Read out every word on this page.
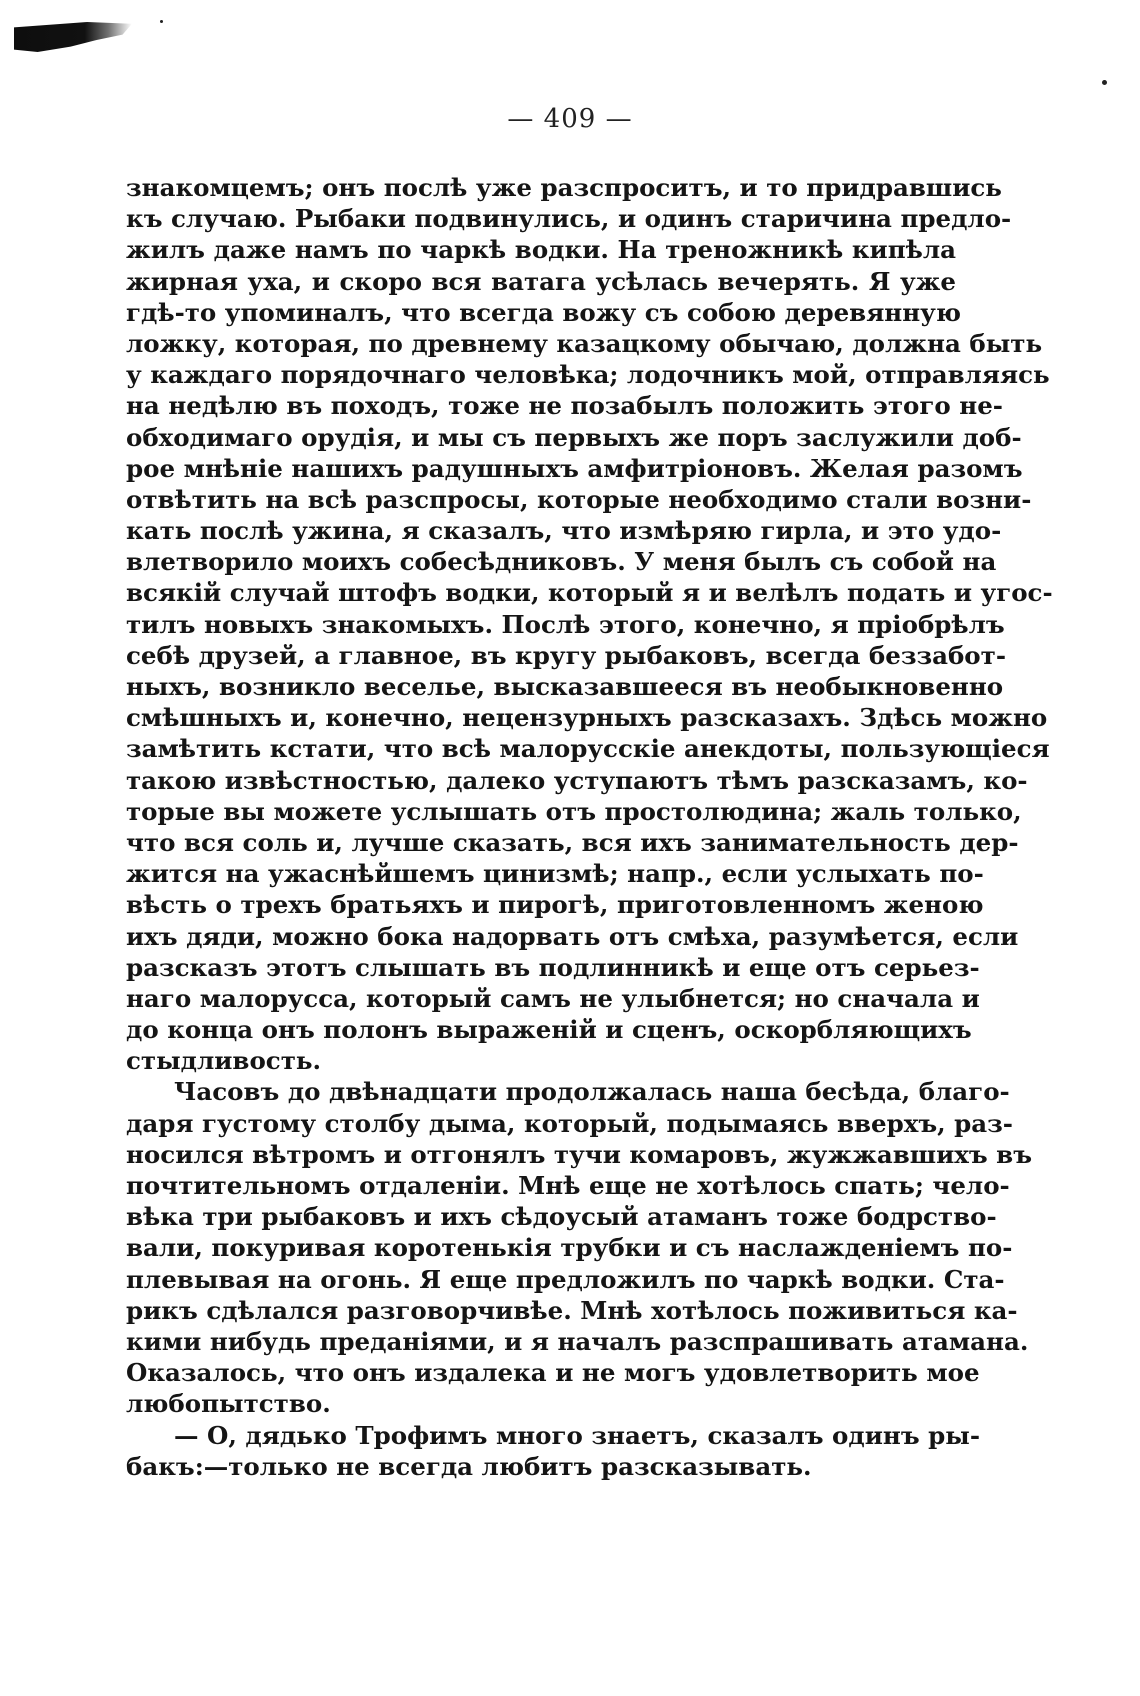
— 409 —
знакомцемъ; онъ послѣ уже разспроситъ, и то придравшись
къ случаю. Рыбаки подвинулись, и одинъ старичина предло-
жилъ даже намъ по чаркѣ водки. На треножникѣ кипѣла
жирная уха, и скоро вся ватага усѣлась вечерять. Я уже
гдѣ-то упоминалъ, что всегда вожу съ собою деревянную
ложку, которая, по древнему казацкому обычаю, должна быть
у каждаго порядочнаго человѣка; лодочникъ мой, отправляясь
на недѣлю въ походъ, тоже не позабылъ положить этого не-
обходимаго орудія, и мы съ первыхъ же поръ заслужили доб-
рое мнѣніе нашихъ радушныхъ амфитріоновъ. Желая разомъ
отвѣтить на всѣ разспросы, которые необходимо стали возни-
кать послѣ ужина, я сказалъ, что измѣряю гирла, и это удо-
влетворило моихъ собесѣдниковъ. У меня былъ съ собой на
всякій случай штофъ водки, который я и велѣлъ подать и угос-
тилъ новыхъ знакомыхъ. Послѣ этого, конечно, я пріобрѣлъ
себѣ друзей, а главное, въ кругу рыбаковъ, всегда беззабот-
ныхъ, возникло веселье, высказавшееся въ необыкновенно
смѣшныхъ и, конечно, нецензурныхъ разсказахъ. Здѣсь можно
замѣтить кстати, что всѣ малорусскіе анекдоты, пользующіеся
такою извѣстностью, далеко уступаютъ тѣмъ разсказамъ, ко-
торые вы можете услышать отъ простолюдина; жаль только,
что вся соль и, лучше сказать, вся ихъ занимательность дер-
жится на ужаснѣйшемъ цинизмѣ; напр., если услыхать по-
вѣсть о трехъ братьяхъ и пирогѣ, приготовленномъ женою
ихъ дяди, можно бока надорвать отъ смѣха, разумѣется, если
разсказъ этотъ слышать въ подлинникѣ и еще отъ серьез-
наго малорусса, который самъ не улыбнется; но сначала и
до конца онъ полонъ выраженій и сценъ, оскорбляющихъ
стыдливость.
Часовъ до двѣнадцати продолжалась наша бесѣда, благо-
даря густому столбу дыма, который, подымаясь вверхъ, раз-
носился вѣтромъ и отгонялъ тучи комаровъ, жужжавшихъ въ
почтительномъ отдаленіи. Мнѣ еще не хотѣлось спать; чело-
вѣка три рыбаковъ и ихъ сѣдоусый атаманъ тоже бодрство-
вали, покуривая коротенькія трубки и съ наслажденіемъ по-
плевывая на огонь. Я еще предложилъ по чаркѣ водки. Ста-
рикъ сдѣлался разговорчивѣе. Мнѣ хотѣлось поживиться ка-
кими нибудь преданіями, и я началъ разспрашивать атамана.
Оказалось, что онъ издалека и не могъ удовлетворить мое
любопытство.
— О, дядько Трофимъ много знаетъ, сказалъ одинъ ры-
бакъ:—только не всегда любитъ разсказывать.
